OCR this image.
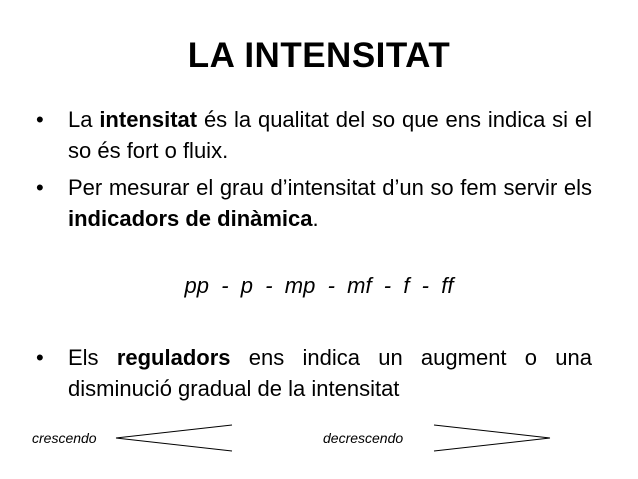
LA INTENSITAT
• La intensitat és la qualitat del so que ens indica si el so és fort o fluix.
• Per mesurar el grau d’intensitat d’un so fem servir els indicadors de dinàmica.
pp  -  p  -  mp  -  mf  -  f  -  ff
• Els reguladors ens indica un augment o una disminució gradual de la intensitat
crescendo	decrescendo
